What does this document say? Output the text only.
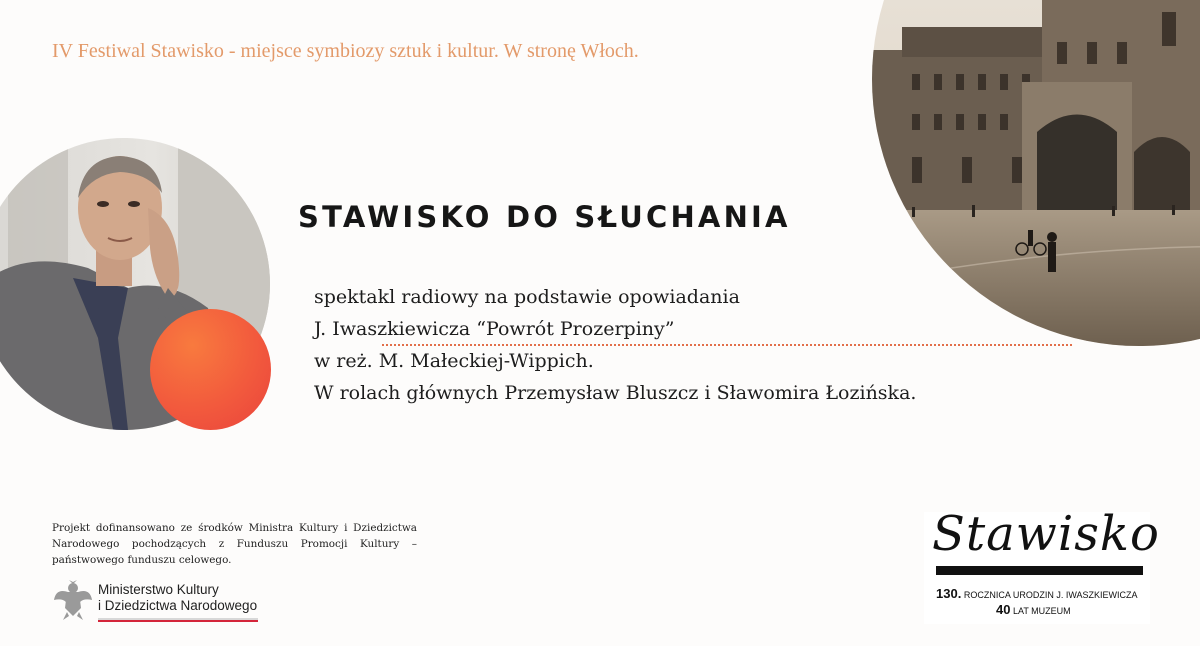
IV Festiwal Stawisko - miejsce symbiozy sztuk i kultur. W stronę Włoch.
STAWISKO DO SŁUCHANIA
spektakl radiowy na podstawie opowiadania
J. Iwaszkiewicza “Powrót Prozerpiny”
w reż. M. Małeckiej-Wippich.
W rolach głównych Przemysław Bluszcz i Sławomira Łozińska.
Projekt dofinansowano ze środków Ministra Kultury i Dziedzictwa Narodowego pochodzących z Funduszu Promocji Kultury – państwowego funduszu celowego.
Ministerstwo Kultury
i Dziedzictwa Narodowego
Stawisko
130. ROCZNICA URODZIN J. IWASZKIEWICZA
40 LAT MUZEUM
